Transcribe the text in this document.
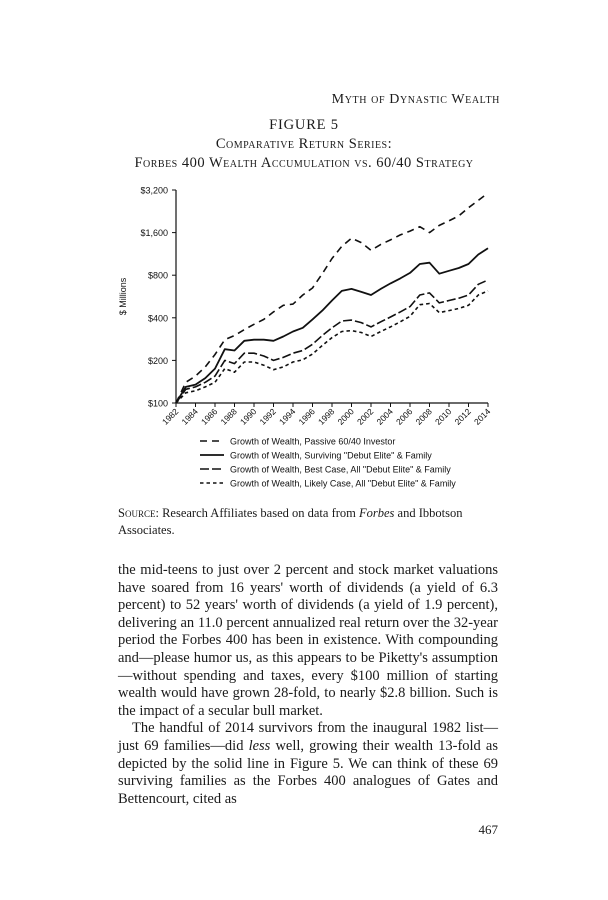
Myth of Dynastic Wealth
FIGURE 5
Comparative Return Series:
Forbes 400 Wealth Accumulation vs. 60/40 Strategy
$100
$200
$400
$800
$1,600
$3,200
$ Millions
1982 1984 1986 1988 1990 1992 1994 1996 1998 2000 2002 2004 2006 2008 2010 2012 2014
Growth of Wealth, Passive 60/40 Investor
Growth of Wealth, Surviving "Debut Elite" & Family
Growth of Wealth, Best Case, All "Debut Elite" & Family
Growth of Wealth, Likely Case, All "Debut Elite" & Family
Source: Research Affiliates based on data from Forbes and Ibbotson Associates.

the mid-teens to just over 2 percent and stock market valuations have soared from 16 years' worth of dividends (a yield of 6.3 percent) to 52 years' worth of dividends (a yield of 1.9 percent), delivering an 11.0 percent annualized real return over the 32-year period the Forbes 400 has been in existence. With compounding and—please humor us, as this appears to be Piketty's assumption—without spending and taxes, every $100 million of starting wealth would have grown 28-fold, to nearly $2.8 billion. Such is the impact of a secular bull market.

The handful of 2014 survivors from the inaugural 1982 list—just 69 families—did less well, growing their wealth 13-fold as depicted by the solid line in Figure 5. We can think of these 69 surviving families as the Forbes 400 analogues of Gates and Bettencourt, cited as

467
